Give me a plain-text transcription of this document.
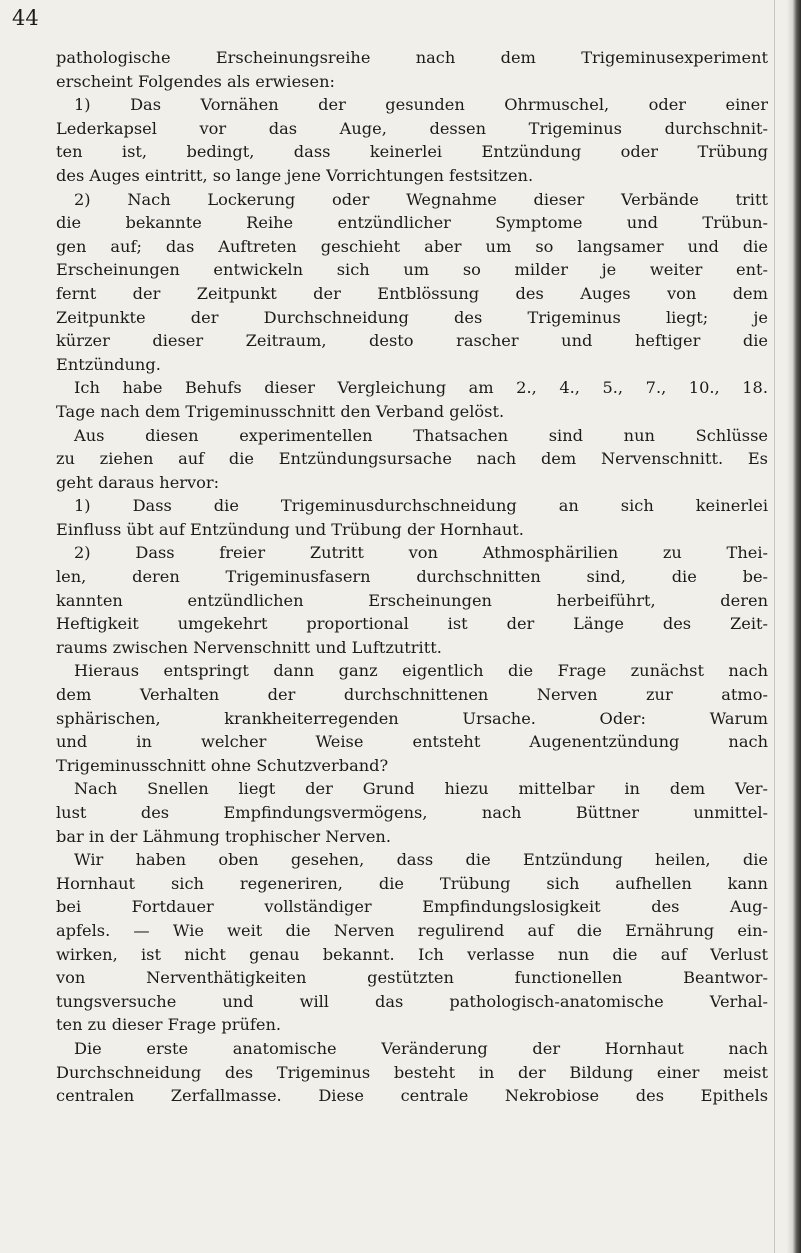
44
pathologische Erscheinungsreihe nach dem Trigeminusexperiment
erscheint Folgendes als erwiesen:
1) Das Vornähen der gesunden Ohrmuschel, oder einer
Lederkapsel vor das Auge, dessen Trigeminus durchschnit-
ten ist, bedingt, dass keinerlei Entzündung oder Trübung
des Auges eintritt, so lange jene Vorrichtungen festsitzen.
2) Nach Lockerung oder Wegnahme dieser Verbände tritt
die bekannte Reihe entzündlicher Symptome und Trübun-
gen auf; das Auftreten geschieht aber um so langsamer und die
Erscheinungen entwickeln sich um so milder je weiter ent-
fernt der Zeitpunkt der Entblössung des Auges von dem
Zeitpunkte der Durchschneidung des Trigeminus liegt; je
kürzer dieser Zeitraum, desto rascher und heftiger die
Entzündung.
Ich habe Behufs dieser Vergleichung am 2., 4., 5., 7., 10., 18.
Tage nach dem Trigeminusschnitt den Verband gelöst.
Aus diesen experimentellen Thatsachen sind nun Schlüsse
zu ziehen auf die Entzündungsursache nach dem Nervenschnitt. Es
geht daraus hervor:
1) Dass die Trigeminusdurchschneidung an sich keinerlei
Einfluss übt auf Entzündung und Trübung der Hornhaut.
2) Dass freier Zutritt von Athmosphärilien zu Thei-
len, deren Trigeminusfasern durchschnitten sind, die be-
kannten entzündlichen Erscheinungen herbeiführt, deren
Heftigkeit umgekehrt proportional ist der Länge des Zeit-
raums zwischen Nervenschnitt und Luftzutritt.
Hieraus entspringt dann ganz eigentlich die Frage zunächst nach
dem Verhalten der durchschnittenen Nerven zur atmo-
sphärischen, krankheiterregenden Ursache. Oder: Warum
und in welcher Weise entsteht Augenentzündung nach
Trigeminusschnitt ohne Schutzverband?
Nach Snellen liegt der Grund hiezu mittelbar in dem Ver-
lust des Empfindungsvermögens, nach Büttner unmittel-
bar in der Lähmung trophischer Nerven.
Wir haben oben gesehen, dass die Entzündung heilen, die
Hornhaut sich regeneriren, die Trübung sich aufhellen kann
bei Fortdauer vollständiger Empfindungslosigkeit des Aug-
apfels. — Wie weit die Nerven regulirend auf die Ernährung ein-
wirken, ist nicht genau bekannt. Ich verlasse nun die auf Verlust
von Nerventhätigkeiten gestützten functionellen Beantwor-
tungsversuche und will das pathologisch-anatomische Verhal-
ten zu dieser Frage prüfen.
Die erste anatomische Veränderung der Hornhaut nach
Durchschneidung des Trigeminus besteht in der Bildung einer meist
centralen Zerfallmasse. Diese centrale Nekrobiose des Epithels
